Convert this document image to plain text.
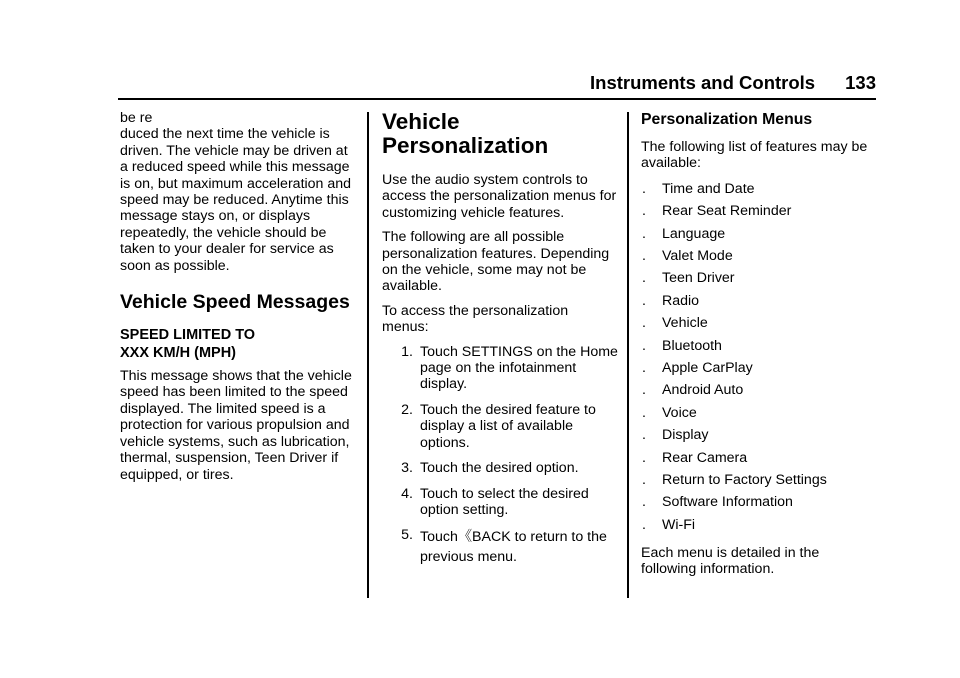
Instruments and Controls 133

be re
duced the next time the vehicle is driven. The vehicle may be driven at a reduced speed while this message is on, but maximum acceleration and speed may be reduced. Anytime this message stays on, or displays repeatedly, the vehicle should be taken to your dealer for service as soon as possible.

Vehicle Speed Messages
SPEED LIMITED TO
XXX KM/H (MPH)

This message shows that the vehicle speed has been limited to the speed displayed. The limited speed is a protection for various propulsion and vehicle systems, such as lubrication, thermal, suspension, Teen Driver if equipped, or tires.

Vehicle
Personalization

Use the audio system controls to access the personalization menus for customizing vehicle features.

The following are all possible personalization features. Depending on the vehicle, some may not be available.

To access the personalization menus:

1. Touch SETTINGS on the Home page on the infotainment display.
2. Touch the desired feature to display a list of available options.
3. Touch the desired option.
4. Touch to select the desired option setting.
5. Touch《BACK to return to the previous menu.
Personalization Menus

The following list of features may be available:

.	Time and Date
.	Rear Seat Reminder
.	Language
.	Valet Mode
.	Teen Driver
.	Radio
.	Vehicle
.	Bluetooth
.	Apple CarPlay
.	Android Auto
.	Voice
.	Display
.	Rear Camera
.	Return to Factory Settings
.	Software Information
.	Wi-Fi

Each menu is detailed in the following information.
